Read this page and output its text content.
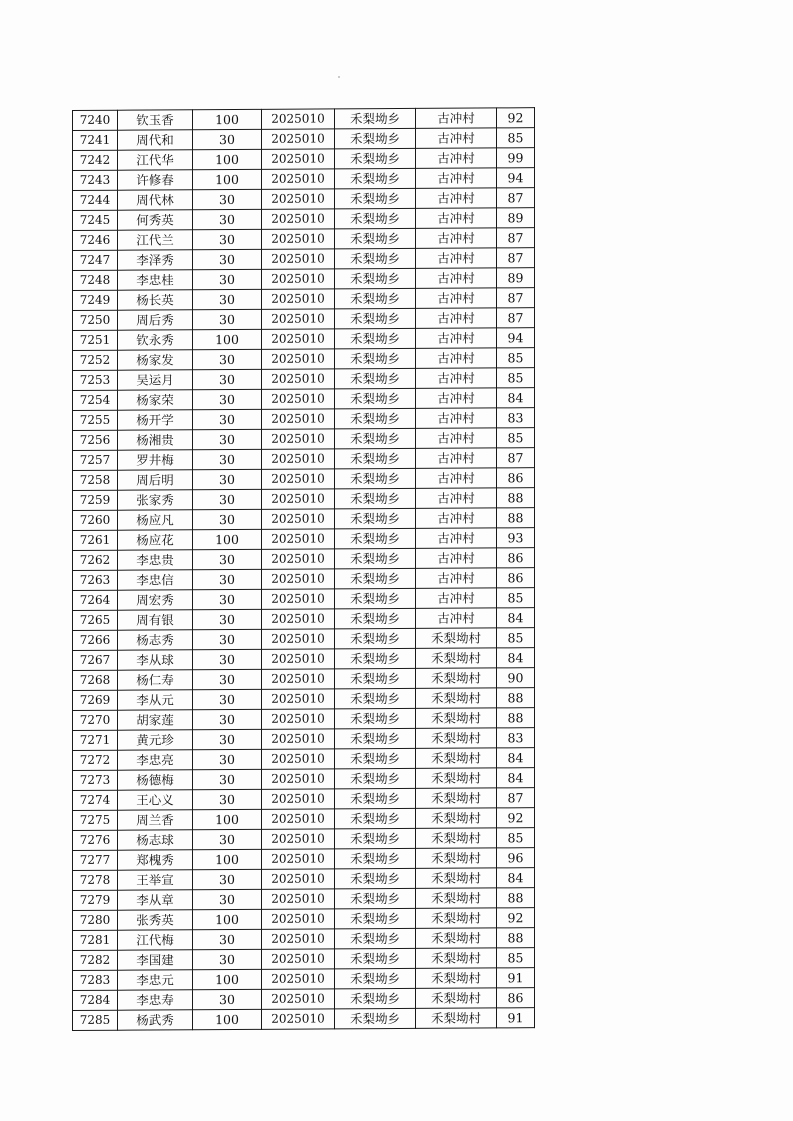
7240	钦玉香	100	2025010	禾梨坳乡	古冲村	92
7241	周代和	30	2025010	禾梨坳乡	古冲村	85
7242	江代华	100	2025010	禾梨坳乡	古冲村	99
7243	许修春	100	2025010	禾梨坳乡	古冲村	94
7244	周代林	30	2025010	禾梨坳乡	古冲村	87
7245	何秀英	30	2025010	禾梨坳乡	古冲村	89
7246	江代兰	30	2025010	禾梨坳乡	古冲村	87
7247	李泽秀	30	2025010	禾梨坳乡	古冲村	87
7248	李忠桂	30	2025010	禾梨坳乡	古冲村	89
7249	杨长英	30	2025010	禾梨坳乡	古冲村	87
7250	周后秀	30	2025010	禾梨坳乡	古冲村	87
7251	钦永秀	100	2025010	禾梨坳乡	古冲村	94
7252	杨家发	30	2025010	禾梨坳乡	古冲村	85
7253	吴运月	30	2025010	禾梨坳乡	古冲村	85
7254	杨家荣	30	2025010	禾梨坳乡	古冲村	84
7255	杨开学	30	2025010	禾梨坳乡	古冲村	83
7256	杨湘贵	30	2025010	禾梨坳乡	古冲村	85
7257	罗井梅	30	2025010	禾梨坳乡	古冲村	87
7258	周后明	30	2025010	禾梨坳乡	古冲村	86
7259	张家秀	30	2025010	禾梨坳乡	古冲村	88
7260	杨应凡	30	2025010	禾梨坳乡	古冲村	88
7261	杨应花	100	2025010	禾梨坳乡	古冲村	93
7262	李忠贵	30	2025010	禾梨坳乡	古冲村	86
7263	李忠信	30	2025010	禾梨坳乡	古冲村	86
7264	周宏秀	30	2025010	禾梨坳乡	古冲村	85
7265	周有银	30	2025010	禾梨坳乡	古冲村	84
7266	杨志秀	30	2025010	禾梨坳乡	禾梨坳村	85
7267	李从球	30	2025010	禾梨坳乡	禾梨坳村	84
7268	杨仁寿	30	2025010	禾梨坳乡	禾梨坳村	90
7269	李从元	30	2025010	禾梨坳乡	禾梨坳村	88
7270	胡家莲	30	2025010	禾梨坳乡	禾梨坳村	88
7271	黄元珍	30	2025010	禾梨坳乡	禾梨坳村	83
7272	李忠亮	30	2025010	禾梨坳乡	禾梨坳村	84
7273	杨德梅	30	2025010	禾梨坳乡	禾梨坳村	84
7274	王心义	30	2025010	禾梨坳乡	禾梨坳村	87
7275	周兰香	100	2025010	禾梨坳乡	禾梨坳村	92
7276	杨志球	30	2025010	禾梨坳乡	禾梨坳村	85
7277	郑槐秀	100	2025010	禾梨坳乡	禾梨坳村	96
7278	王举宣	30	2025010	禾梨坳乡	禾梨坳村	84
7279	李从章	30	2025010	禾梨坳乡	禾梨坳村	88
7280	张秀英	100	2025010	禾梨坳乡	禾梨坳村	92
7281	江代梅	30	2025010	禾梨坳乡	禾梨坳村	88
7282	李国建	30	2025010	禾梨坳乡	禾梨坳村	85
7283	李忠元	100	2025010	禾梨坳乡	禾梨坳村	91
7284	李忠寿	30	2025010	禾梨坳乡	禾梨坳村	86
7285	杨武秀	100	2025010	禾梨坳乡	禾梨坳村	91
